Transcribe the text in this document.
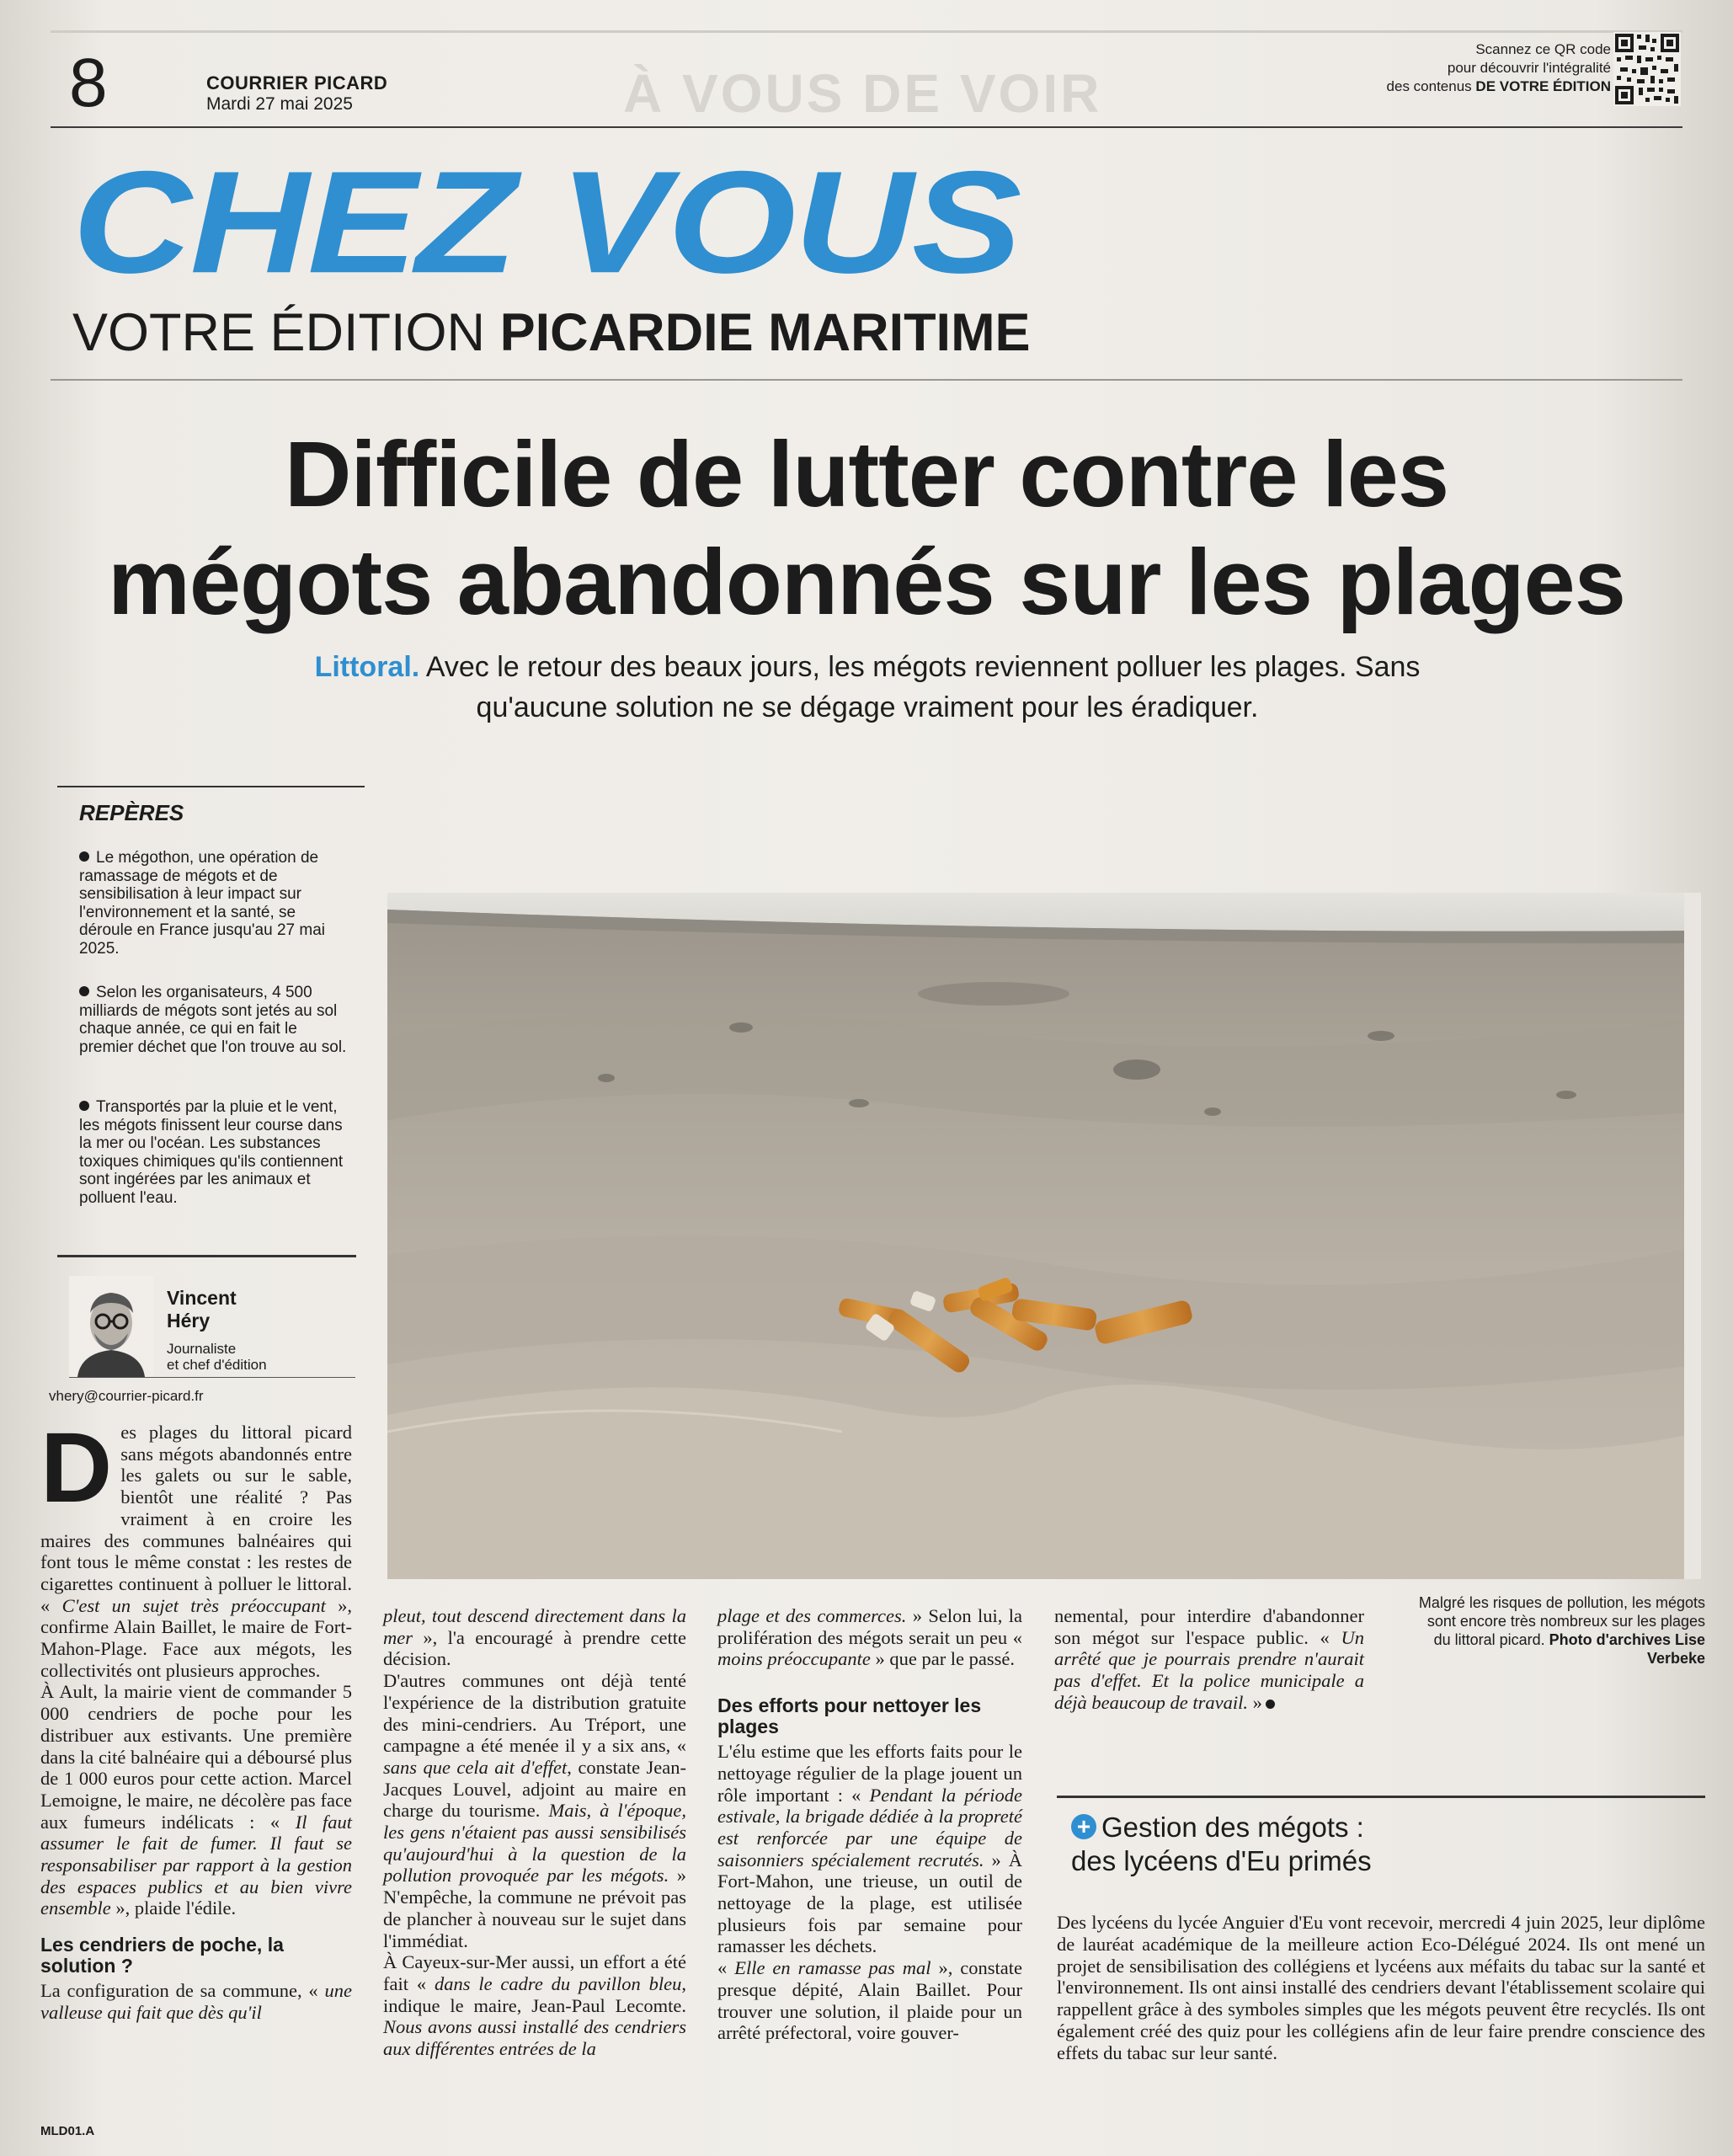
À VOUS DE VOIR
8	COURRIER PICARD
Mardi 27 mai 2025
Scannez ce QR code
pour découvrir l'intégralité
des contenus DE VOTRE ÉDITION
CHEZ VOUS
VOTRE ÉDITION PICARDIE MARITIME
Difficile de lutter contre les
mégots abandonnés sur les plages
Littoral. Avec le retour des beaux jours, les mégots reviennent polluer les plages. Sans qu'aucune solution ne se dégage vraiment pour les éradiquer.
REPÈRES
Le mégothon, une opération de ramassage de mégots et de sensibilisation à leur impact sur l'environnement et la santé, se déroule en France jusqu'au 27 mai 2025.
Selon les organisateurs, 4 500 milliards de mégots sont jetés au sol chaque année, ce qui en fait le premier déchet que l'on trouve au sol.
Transportés par la pluie et le vent, les mégots finissent leur course dans la mer ou l'océan. Les substances toxiques chimiques qu'ils contiennent sont ingérées par les animaux et polluent l'eau.
Vincent
Héry
Journaliste
et chef d'édition
vhery@courrier-picard.fr
Malgré les risques de pollution, les mégots sont encore très nombreux sur les plages du littoral picard. Photo d'archives Lise Verbeke

Des plages du littoral picard sans mégots abandonnés entre les galets ou sur le sable, bientôt une réalité ? Pas vraiment à en croire les maires des communes balnéaires qui font tous le même constat : les restes de cigarettes continuent à polluer le littoral. « C'est un sujet très préoccupant », confirme Alain Baillet, le maire de Fort-Mahon-Plage. Face aux mégots, les collectivités ont plusieurs approches.

À Ault, la mairie vient de commander 5 000 cendriers de poche pour les distribuer aux estivants. Une première dans la cité balnéaire qui a déboursé plus de 1 000 euros pour cette action. Marcel Lemoigne, le maire, ne décolère pas face aux fumeurs indélicats : « Il faut assumer le fait de fumer. Il faut se responsabiliser par rapport à la gestion des espaces publics et au bien vivre ensemble », plaide l'édile.

Les cendriers de poche, la solution ?

La configuration de sa commune, « une valleuse qui fait que dès qu'il

pleut, tout descend directement dans la mer », l'a encouragé à prendre cette décision.

D'autres communes ont déjà tenté l'expérience de la distribution gratuite des mini-cendriers. Au Tréport, une campagne a été menée il y a six ans, « sans que cela ait d'effet, constate Jean-Jacques Louvel, adjoint au maire en charge du tourisme. Mais, à l'époque, les gens n'étaient pas aussi sensibilisés qu'aujourd'hui à la question de la pollution provoquée par les mégots. » N'empêche, la commune ne prévoit pas de plancher à nouveau sur le sujet dans l'immédiat.

À Cayeux-sur-Mer aussi, un effort a été fait « dans le cadre du pavillon bleu, indique le maire, Jean-Paul Lecomte. Nous avons aussi installé des cendriers aux différentes entrées de la

plage et des commerces. » Selon lui, la prolifération des mégots serait un peu « moins préoccupante » que par le passé.

Des efforts pour nettoyer les plages

L'élu estime que les efforts faits pour le nettoyage régulier de la plage jouent un rôle important : « Pendant la période estivale, la brigade dédiée à la propreté est renforcée par une équipe de saisonniers spécialement recrutés. » À Fort-Mahon, une trieuse, un outil de nettoyage de la plage, est utilisée plusieurs fois par semaine pour ramasser les déchets.

« Elle en ramasse pas mal », constate presque dépité, Alain Baillet. Pour trouver une solution, il plaide pour un arrêté préfectoral, voire gouver-

nemental, pour interdire d'abandonner son mégot sur l'espace public. « Un arrêté que je pourrais prendre n'aurait pas d'effet. Et la police municipale a déjà beaucoup de travail. »

+ Gestion des mégots :
des lycéens d'Eu primés
Des lycéens du lycée Anguier d'Eu vont recevoir, mercredi 4 juin 2025, leur diplôme de lauréat académique de la meilleure action Eco-Délégué 2024. Ils ont mené un projet de sensibilisation des collégiens et lycéens aux méfaits du tabac sur la santé et l'environnement. Ils ont ainsi installé des cendriers devant l'établissement scolaire qui rappellent grâce à des symboles simples que les mégots peuvent être recyclés. Ils ont également créé des quiz pour les collégiens afin de leur faire prendre conscience des effets du tabac sur leur santé.
MLD01.A
